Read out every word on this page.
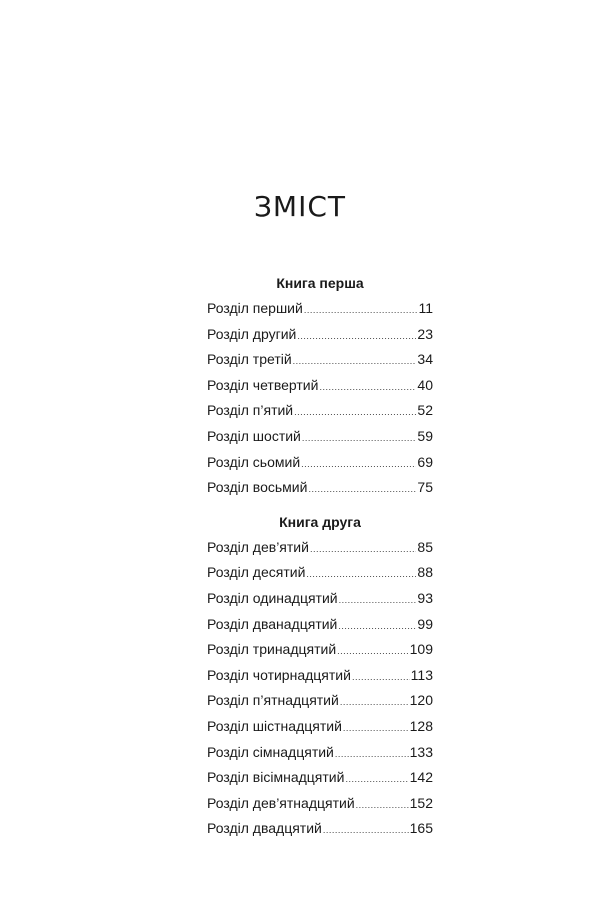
ЗМІСТ
Книга перша
Розділ перший .....	11
Розділ другий .....	23
Розділ третій .....	34
Розділ четвертий .....	40
Розділ п’ятий .....	52
Розділ шостий .....	59
Розділ сьомий .....	69
Розділ восьмий .....	75
Книга друга
Розділ дев’ятий .....	85
Розділ десятий .....	88
Розділ одинадцятий .....	93
Розділ дванадцятий .....	99
Розділ тринадцятий .....	109
Розділ чотирнадцятий .....	113
Розділ п’ятнадцятий .....	120
Розділ шістнадцятий .....	128
Розділ сімнадцятий .....	133
Розділ вісімнадцятий .....	142
Розділ дев’ятнадцятий .....	152
Розділ двадцятий .....	165
